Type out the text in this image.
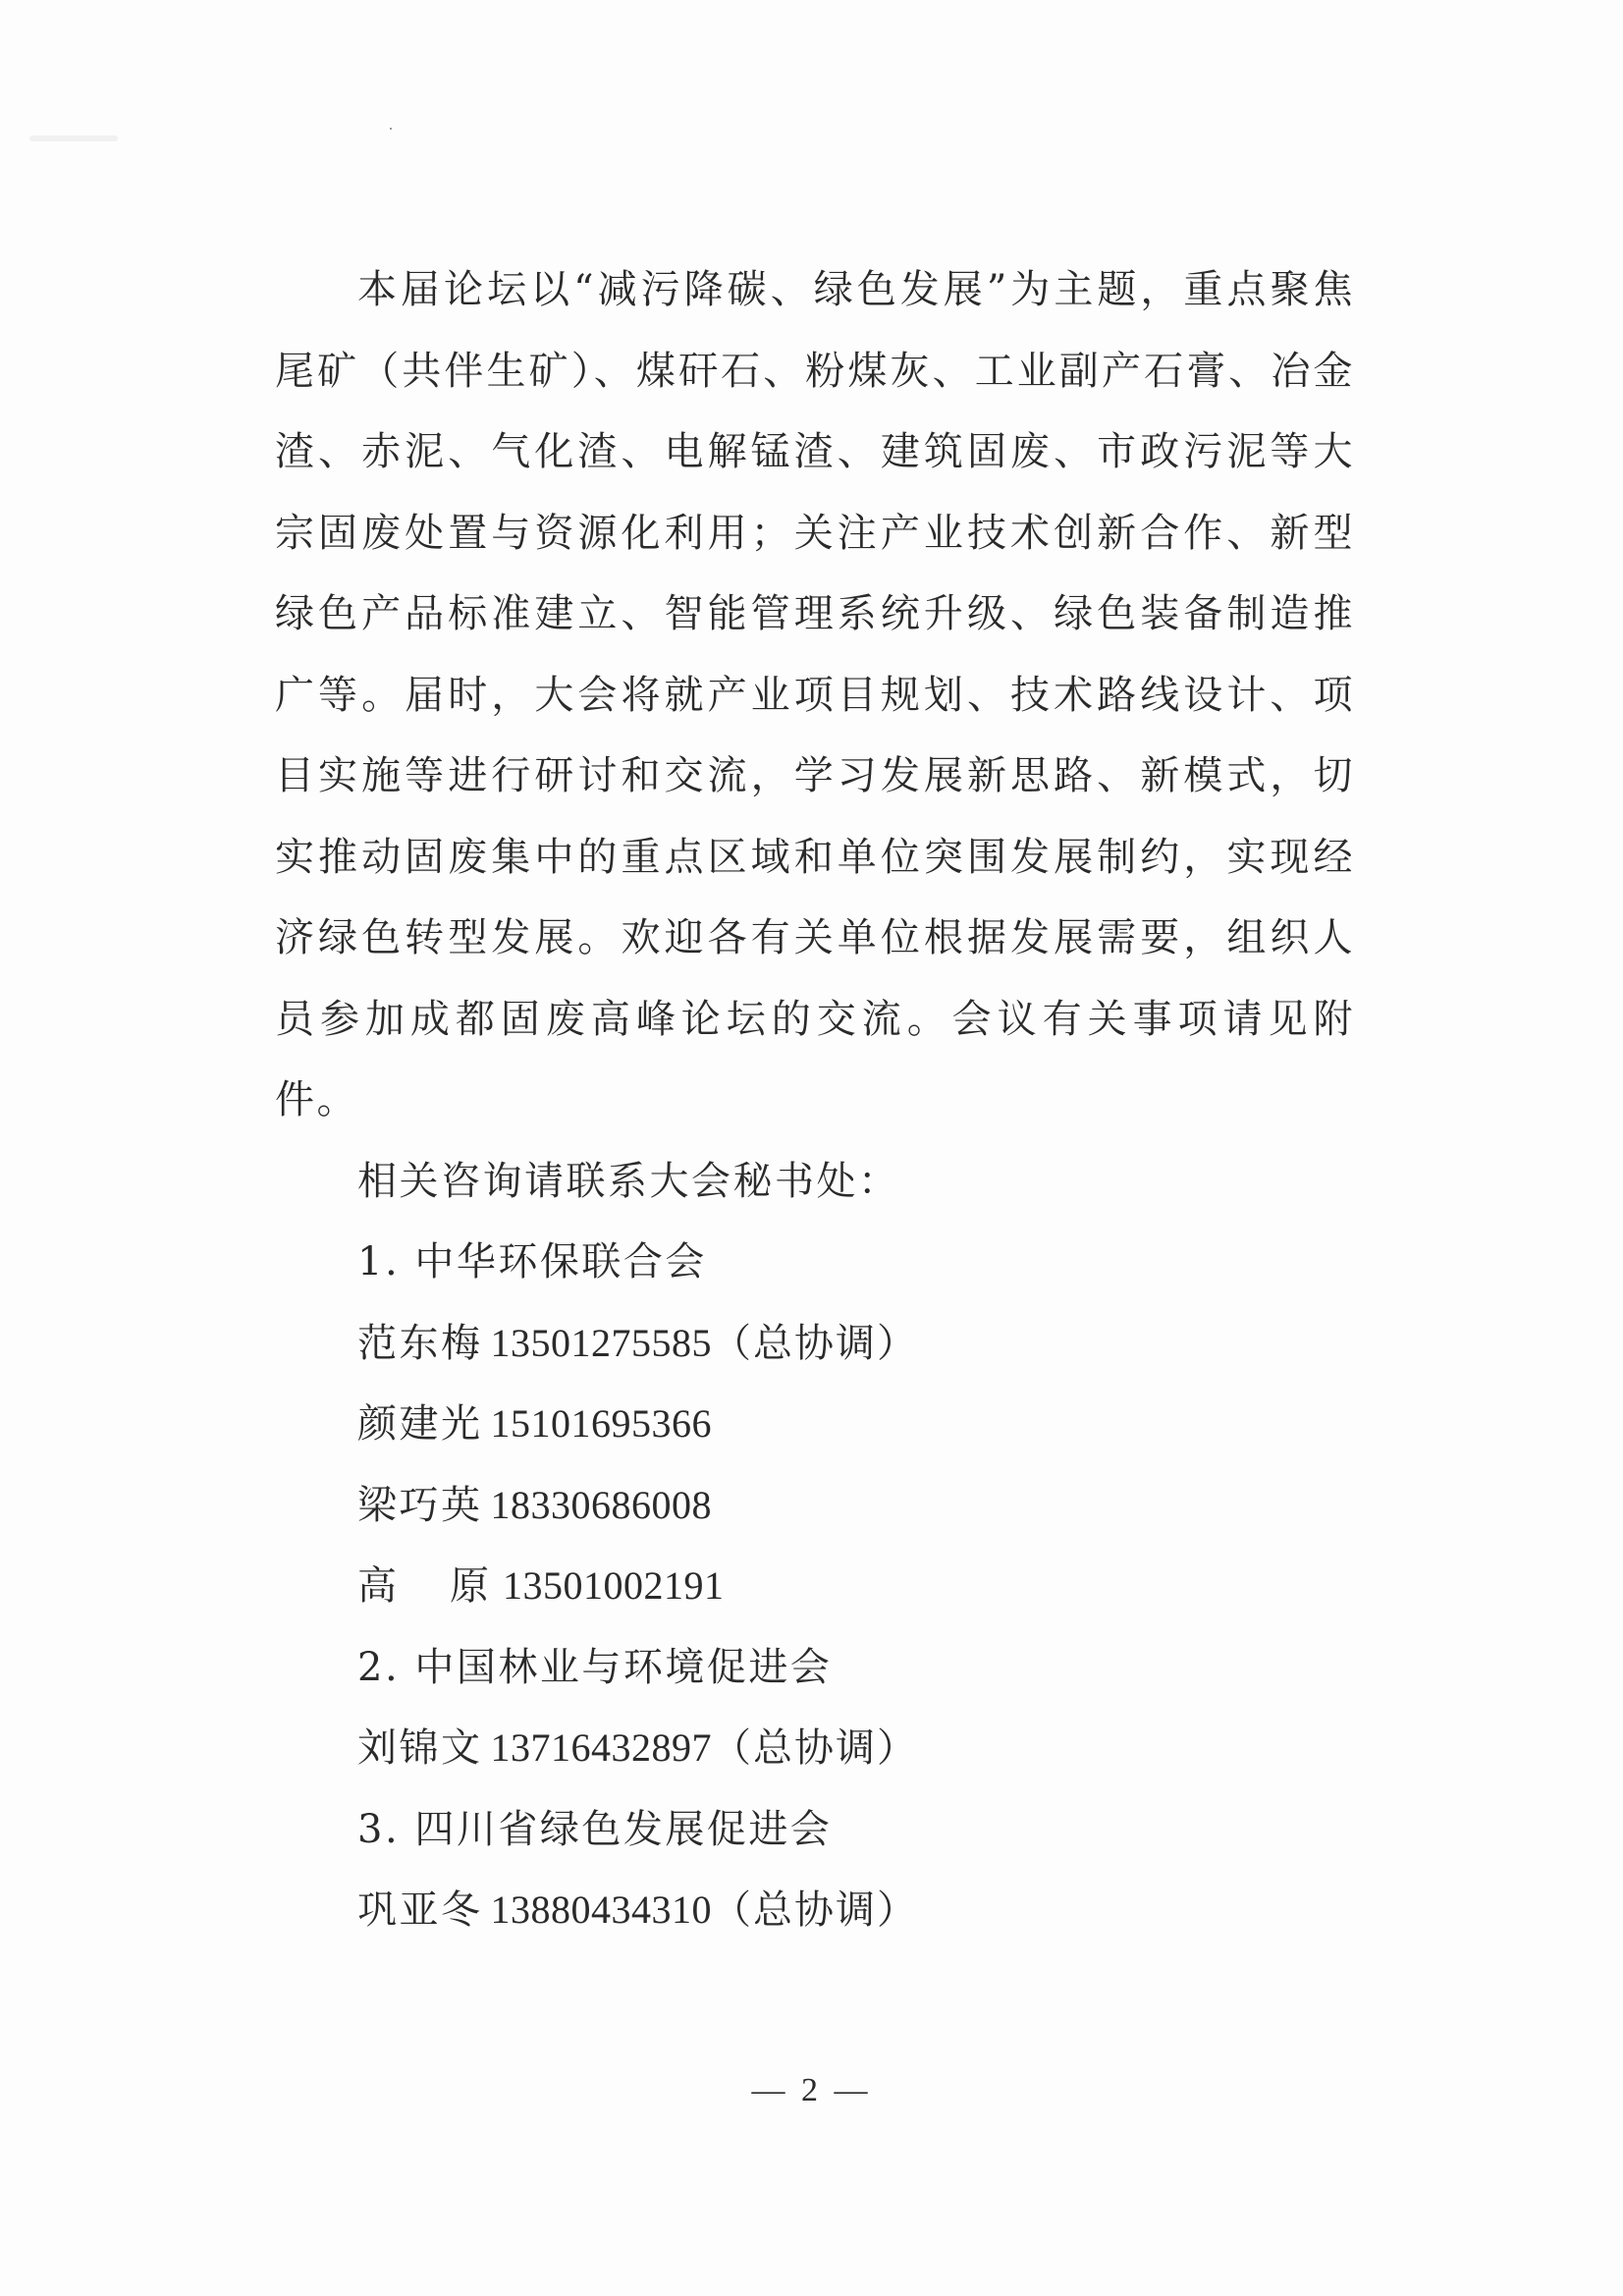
本届论坛以“减污降碳、绿色发展”为主题，重点聚焦尾矿（共伴生矿）、煤矸石、粉煤灰、工业副产石膏、冶金渣、赤泥、气化渣、电解锰渣、建筑固废、市政污泥等大宗固废处置与资源化利用；关注产业技术创新合作、新型绿色产品标准建立、智能管理系统升级、绿色装备制造推广等。届时，大会将就产业项目规划、技术路线设计、项目实施等进行研讨和交流，学习发展新思路、新模式，切实推动固废集中的重点区域和单位突围发展制约，实现经济绿色转型发展。欢迎各有关单位根据发展需要，组织人员参加成都固废高峰论坛的交流。会议有关事项请见附件。

相关咨询请联系大会秘书处：

1. 中华环保联合会

范东梅 13501275585（总协调）

颜建光 15101695366

梁巧英 18330686008

高原13501002191

2. 中国林业与环境促进会

刘锦文 13716432897（总协调）

3. 四川省绿色发展促进会

巩亚冬 13880434310（总协调）

— 2 —
